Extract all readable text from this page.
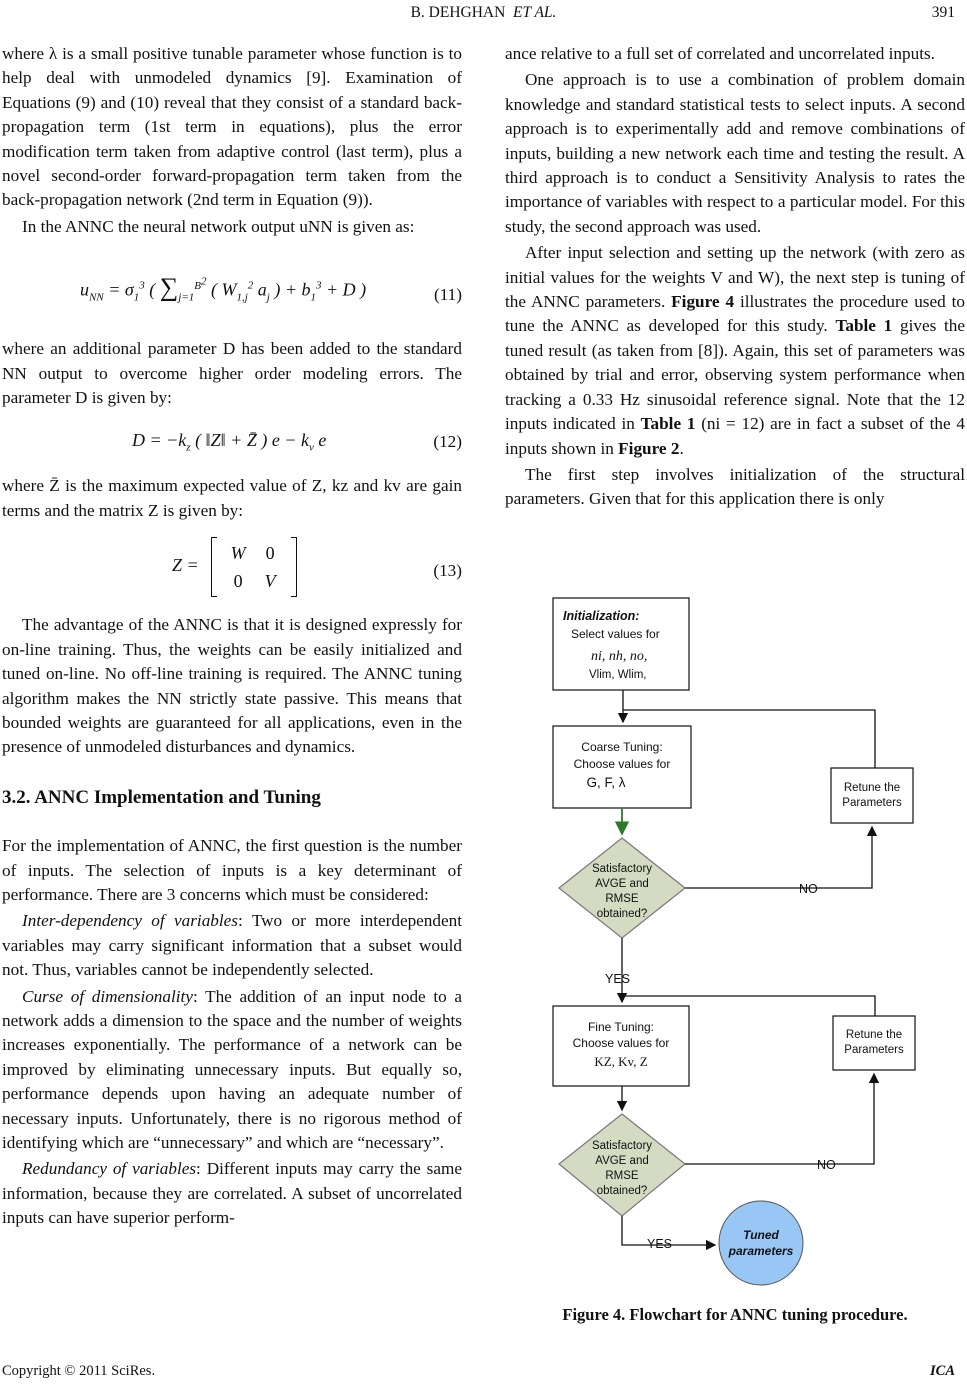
B. DEHGHAN ET AL.	391

where λ is a small positive tunable parameter whose function is to help deal with unmodeled dynamics [9]. Examination of Equations (9) and (10) reveal that they consist of a standard back-propagation term (1st term in equations), plus the error modification term taken from adaptive control (last term), plus a novel second-order forward-propagation term taken from the back-propagation network (2nd term in Equation (9)).

In the ANNC the neural network output uNN is given as:

$u_{NN} = \sigma_1^3$ ( $\sum_{j=1}^{B^2}$ ( $W_{1,j}^2$ $a_j$ ) + $b_1^3 + D$ )	(11)

where an additional parameter D has been added to the standard NN output to overcome higher order modeling errors. The parameter D is given by:

$D = -k_z$ ( ‖Z‖ + Z̄ ) $e - k_v$ e	(12)

where Z̄ is the maximum expected value of Z, kz and kv are gain terms and the matrix Z is given by:

Z = W 0
0 V
(13)

The advantage of the ANNC is that it is designed expressly for on-line training. Thus, the weights can be easily initialized and tuned on-line. No off-line training is required. The ANNC tuning algorithm makes the NN strictly state passive. This means that bounded weights are guaranteed for all applications, even in the presence of unmodeled disturbances and dynamics.

3.2. ANNC Implementation and Tuning

For the implementation of ANNC, the first question is the number of inputs. The selection of inputs is a key determinant of performance. There are 3 concerns which must be considered:

Inter-dependency of variables: Two or more interdependent variables may carry significant information that a subset would not. Thus, variables cannot be independently selected.

Curse of dimensionality: The addition of an input node to a network adds a dimension to the space and the number of weights increases exponentially. The performance of a network can be improved by eliminating unnecessary inputs. But equally so, performance depends upon having an adequate number of necessary inputs. Unfortunately, there is no rigorous method of identifying which are “unnecessary” and which are “necessary”.

Redundancy of variables: Different inputs may carry the same information, because they are correlated. A subset of uncorrelated inputs can have superior perform-

ance relative to a full set of correlated and uncorrelated inputs.

One approach is to use a combination of problem domain knowledge and standard statistical tests to select inputs. A second approach is to experimentally add and remove combinations of inputs, building a new network each time and testing the result. A third approach is to conduct a Sensitivity Analysis to rates the importance of variables with respect to a particular model. For this study, the second approach was used.

After input selection and setting up the network (with zero as initial values for the weights V and W), the next step is tuning of the ANNC parameters. Figure 4 illustrates the procedure used to tune the ANNC as developed for this study. Table 1 gives the tuned result (as taken from [8]). Again, this set of parameters was obtained by trial and error, observing system performance when tracking a 0.33 Hz sinusoidal reference signal. Note that the 12 inputs indicated in Table 1 (ni = 12) are in fact a subset of the 4 inputs shown in Figure 2.

The first step involves initialization of the structural parameters. Given that for this application there is only

Initialization:
Select values for
ni, nh, no,
Vlim, Wlim,
Coarse Tuning:
Choose values for
G, F, λ	Retune the
Parameters
Satisfactory
AVGE and
RMSE
obtained?
NO
YES
Fine Tuning:
Choose values for
KZ, Kv, Z
Retune the
Parameters
Satisfactory
AVGE and
RMSE
obtained?
NO
YES
Tuned
parameters
Figure 4. Flowchart for ANNC tuning procedure.
Copyright © 2011 SciRes.	ICA
